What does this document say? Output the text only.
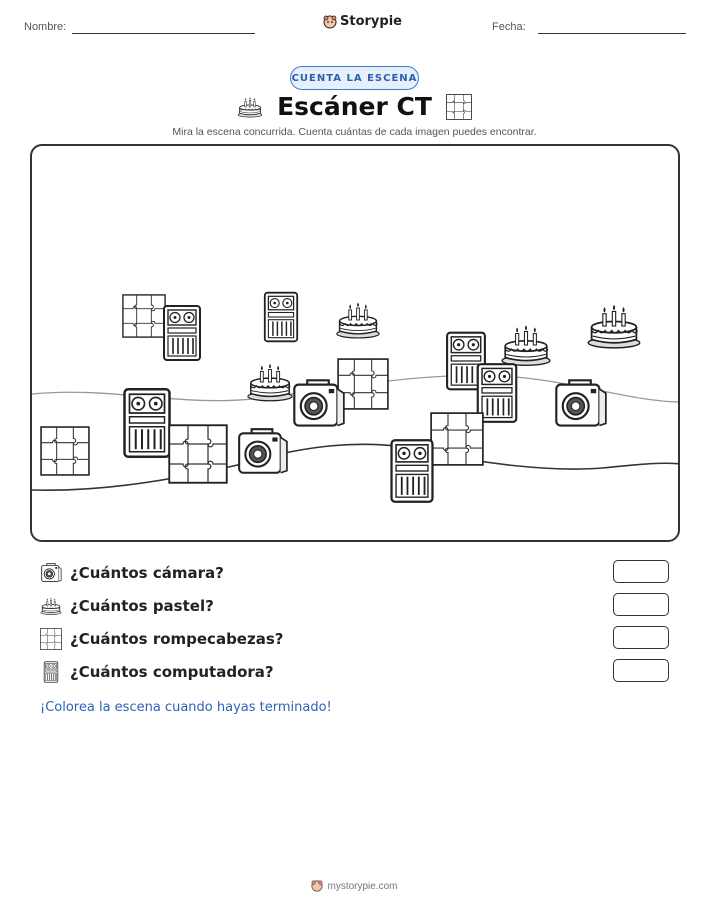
Nombre:	Storypie	Fecha:
CUENTA LA ESCENA
Escáner CT
Mira la escena concurrida. Cuenta cuántas de cada imagen puedes encontrar.
¿Cuántos cámara?
¿Cuántos pastel?
¿Cuántos rompecabezas?
¿Cuántos computadora?
¡Colorea la escena cuando hayas terminado!
mystorypie.com
